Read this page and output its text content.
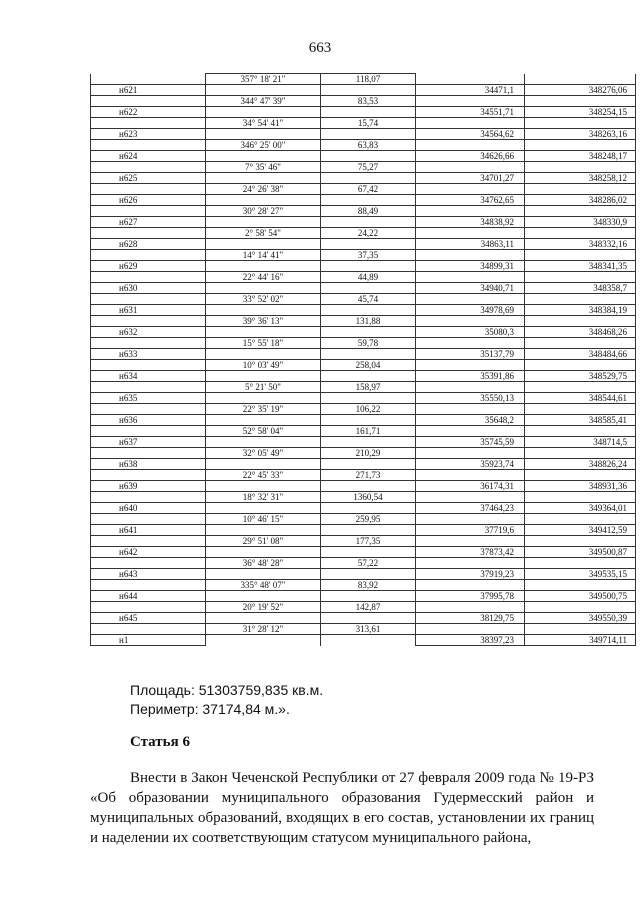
663
	357° 18' 21"	118,07		
н621			34471,1	348276,06
	344° 47' 39"	83,53		
н622			34551,71	348254,15
	34° 54' 41"	15,74		
н623			34564,62	348263,16
	346° 25' 00"	63,83		
н624			34626,66	348248,17
	7° 35' 46"	75,27		
н625			34701,27	348258,12
	24° 26' 38"	67,42		
н626			34762,65	348286,02
	30° 28' 27"	88,49		
н627			34838,92	348330,9
	2° 58' 54"	24,22		
н628			34863,11	348332,16
	14° 14' 41"	37,35		
н629			34899,31	348341,35
	22° 44' 16"	44,89		
н630			34940,71	348358,7
	33° 52' 02"	45,74		
н631			34978,69	348384,19
	39° 36' 13"	131,88		
н632			35080,3	348468,26
	15° 55' 18"	59,78		
н633			35137,79	348484,66
	10° 03' 49"	258,04		
н634			35391,86	348529,75
	5° 21' 50"	158,97		
н635			35550,13	348544,61
	22° 35' 19"	106,22		
н636			35648,2	348585,41
	52° 58' 04"	161,71		
н637			35745,59	348714,5
	32° 05' 49"	210,29		
н638			35923,74	348826,24
	22° 45' 33"	271,73		
н639			36174,31	348931,36
	18° 32' 31"	1360,54		
н640			37464,23	349364,01
	10° 46' 15"	259,95		
н641			37719,6	349412,59
	29° 51' 08"	177,35		
н642			37873,42	349500,87
	36° 48' 28"	57,22		
н643			37919,23	349535,15
	335° 48' 07"	83,92		
н644			37995,78	349500,75
	20° 19' 52"	142,87		
н645			38129,75	349550,39
	31° 28' 12"	313,61		
н1			38397,23	349714,11
Площадь: 51303759,835 кв.м.
Периметр: 37174,84 м.».
Статья 6
Внести в Закон Чеченской Республики от 27 февраля 2009 года № 19-РЗ «Об образовании муниципального образования Гудермесский район и муниципальных образований, входящих в его состав, установлении их границ и наделении их соответствующим статусом муниципального района,
